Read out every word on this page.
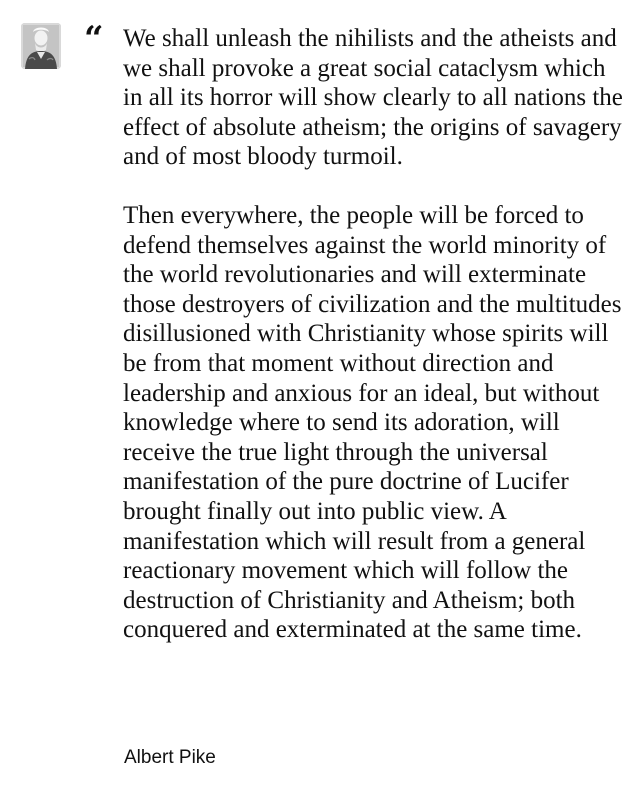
“ We shall unleash the nihilists and the atheists and we shall provoke a great social cataclysm which in all its horror will show clearly to all nations the effect of absolute atheism; the origins of savagery and of most bloody turmoil.

Then everywhere, the people will be forced to defend themselves against the world minority of the world revolutionaries and will exterminate those destroyers of civilization and the multitudes disillusioned with Christianity whose spirits will be from that moment without direction and leadership and anxious for an ideal, but without knowledge where to send its adoration, will receive the true light through the universal manifestation of the pure doctrine of Lucifer brought finally out into public view. A manifestation which will result from a general reactionary movement which will follow the destruction of Christianity and Atheism; both conquered and exterminated at the same time.

Albert Pike
